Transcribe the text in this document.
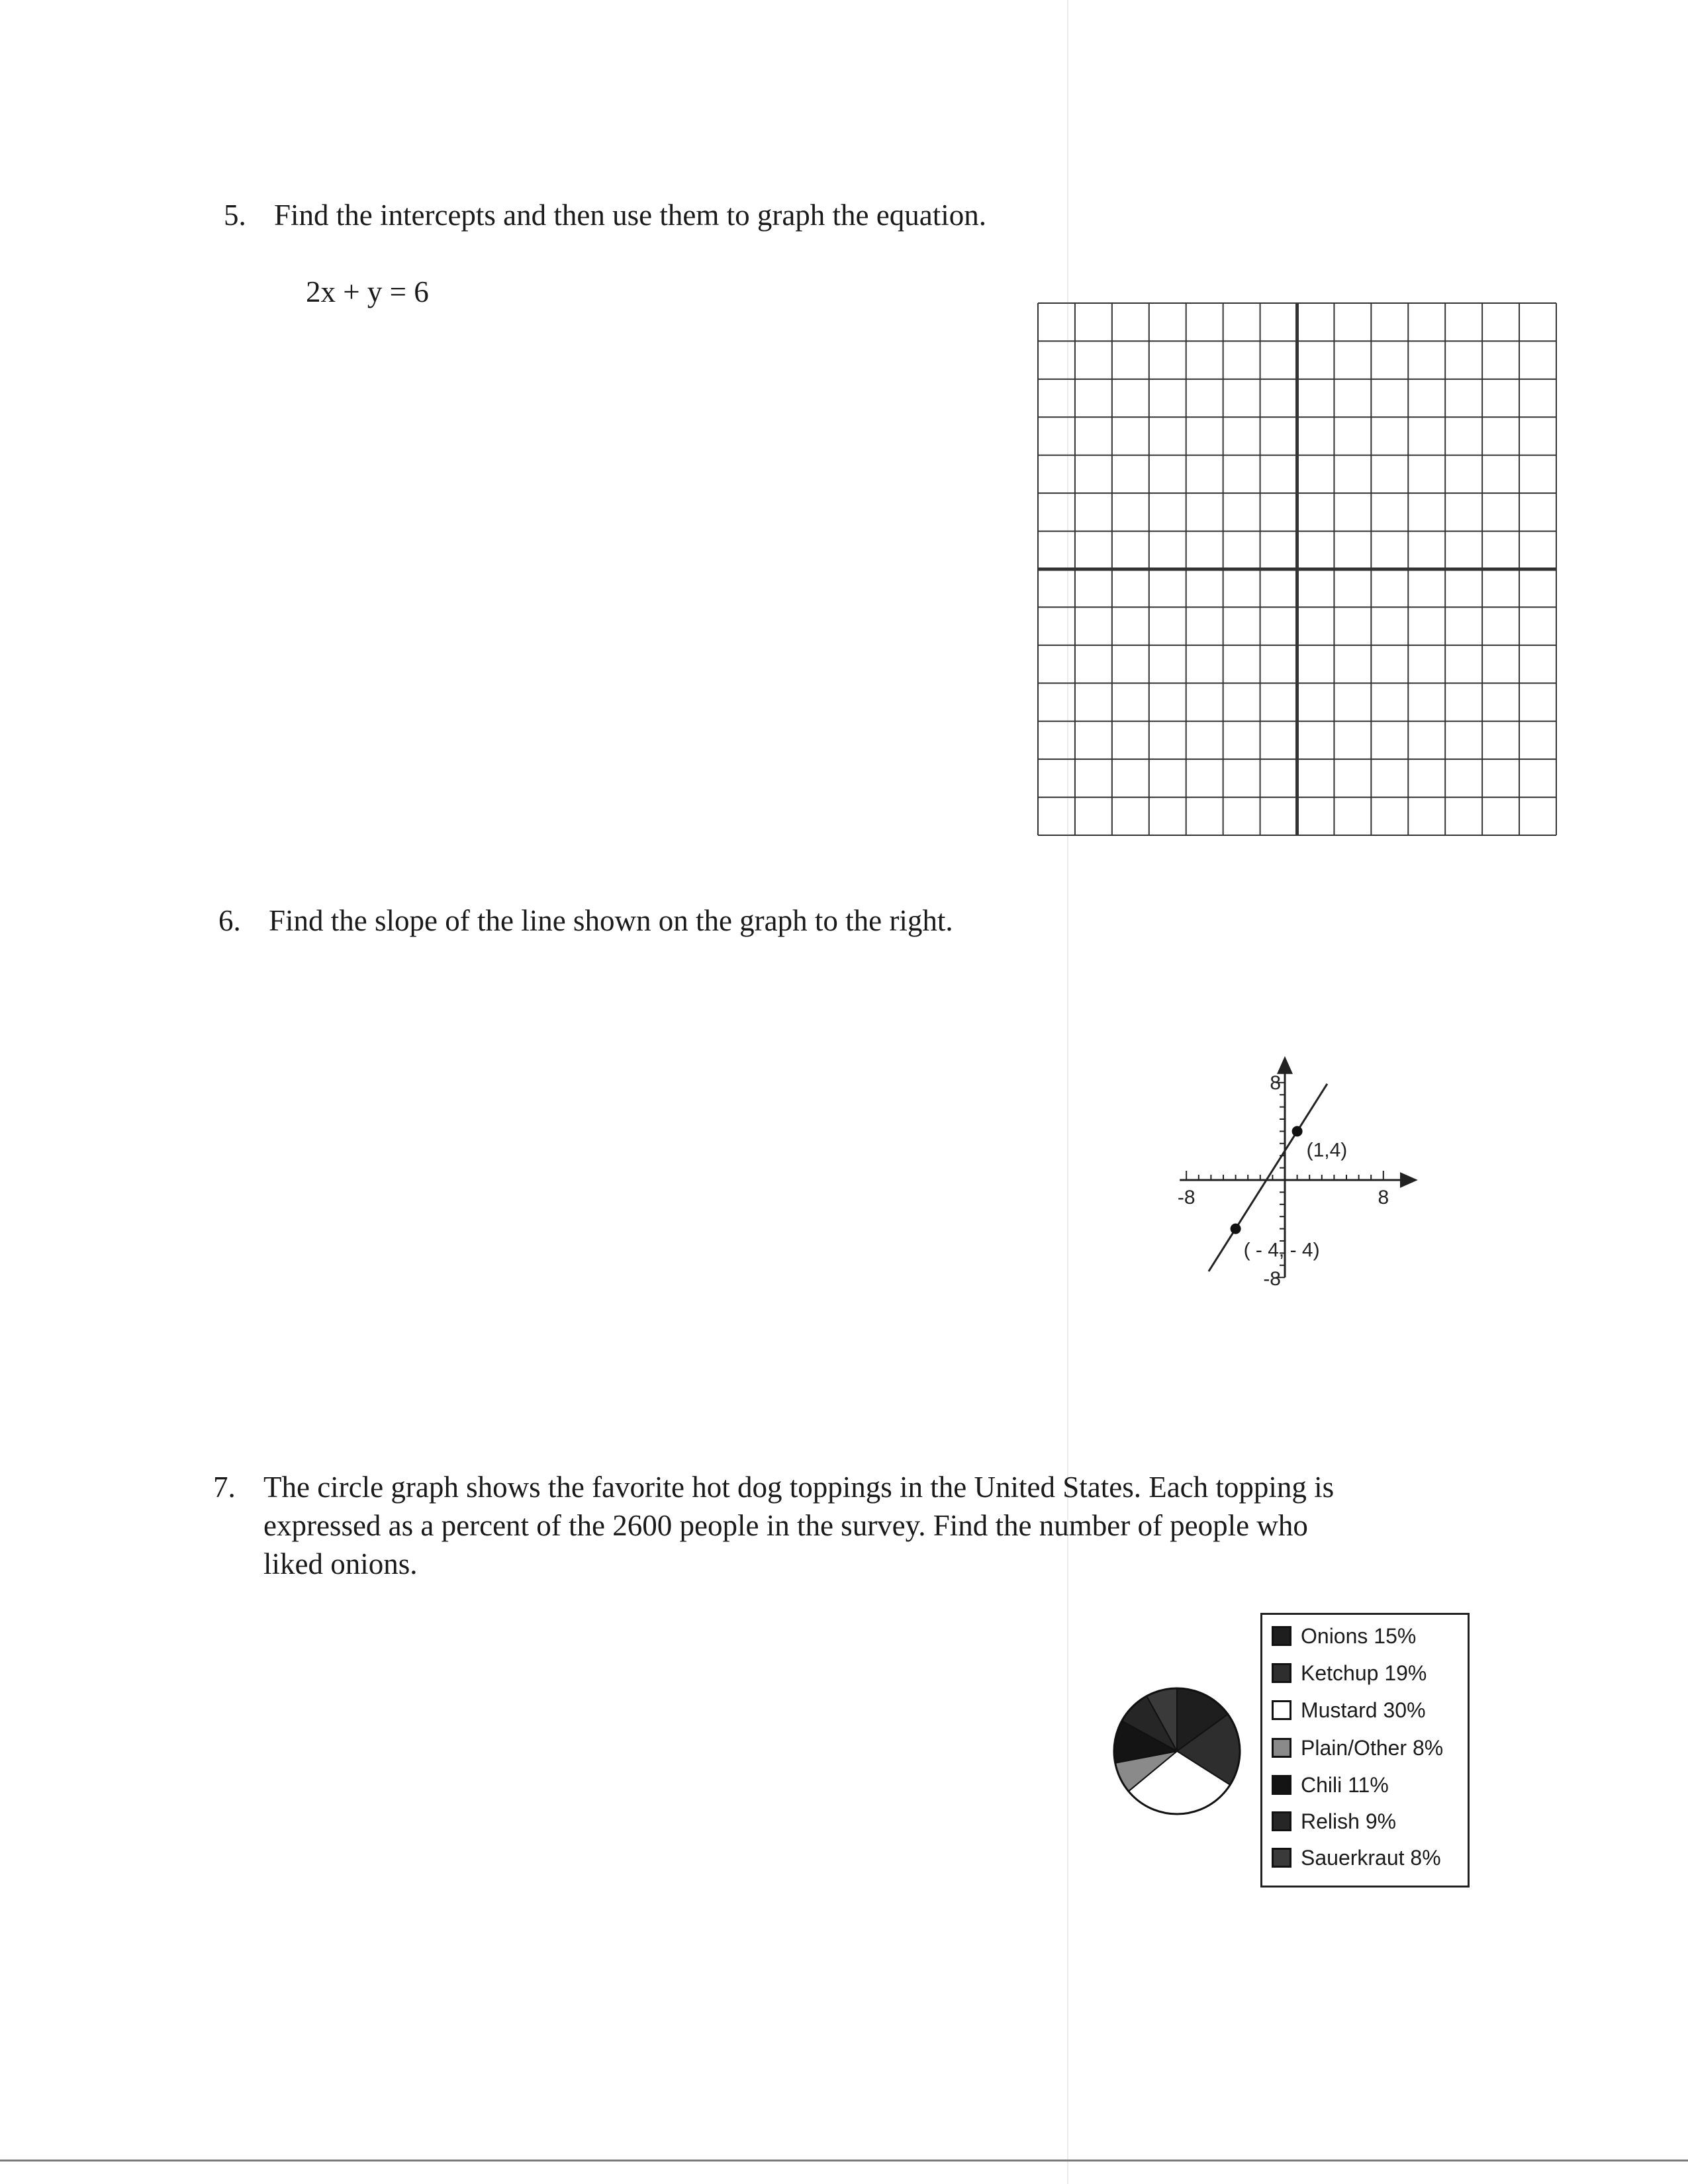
5. Find the intercepts and then use them to graph the equation.
2x + y = 6
6. Find the slope of the line shown on the graph to the right.
-8	8
8
-8
(1,4)
( - 4, - 4)
7. The circle graph shows the favorite hot dog toppings in the United States. Each topping is
expressed as a percent of the 2600 people in the survey. Find the number of people who
liked onions.
Onions 15%
Ketchup 19%
Mustard 30%
Plain/Other 8%
Chili 11%
Relish 9%
Sauerkraut 8%
